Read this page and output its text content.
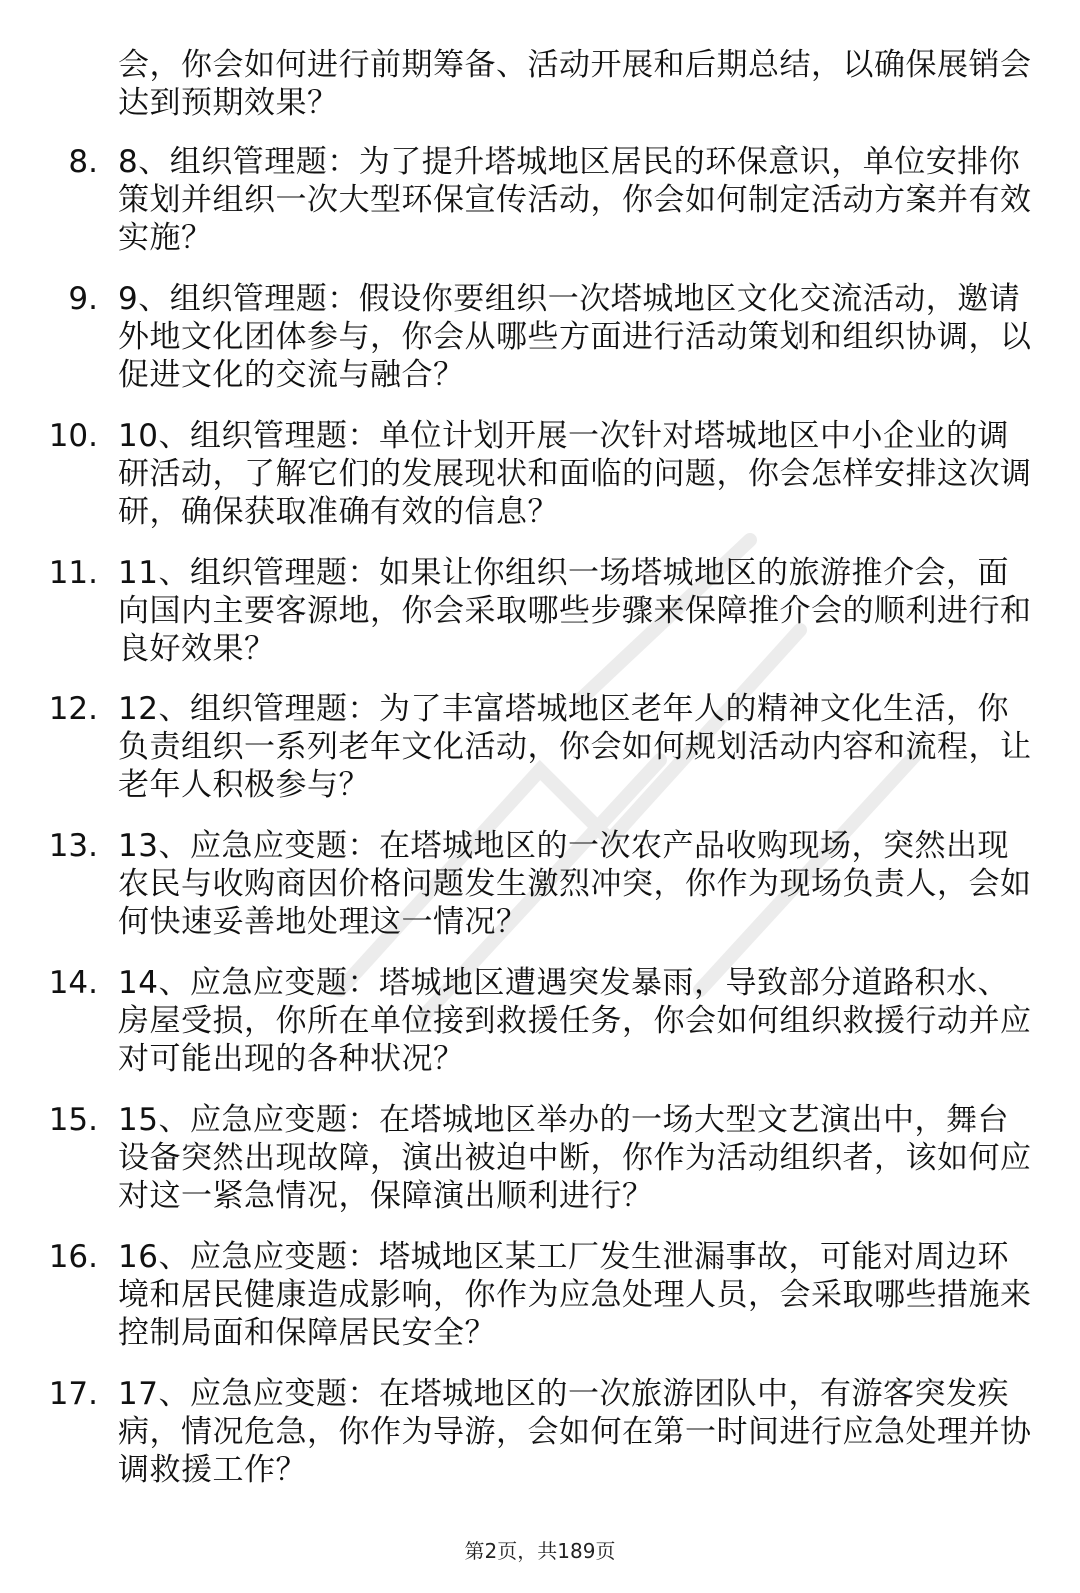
会，你会如何进行前期筹备、活动开展和后期总结，以确保展销会达到预期效果？
8. 8、组织管理题：为了提升塔城地区居民的环保意识，单位安排你策划并组织一次大型环保宣传活动，你会如何制定活动方案并有效实施？
9. 9、组织管理题：假设你要组织一次塔城地区文化交流活动，邀请外地文化团体参与，你会从哪些方面进行活动策划和组织协调，以促进文化的交流与融合？
10. 10、组织管理题：单位计划开展一次针对塔城地区中小企业的调研活动，了解它们的发展现状和面临的问题，你会怎样安排这次调研，确保获取准确有效的信息？
11. 11、组织管理题：如果让你组织一场塔城地区的旅游推介会，面向国内主要客源地，你会采取哪些步骤来保障推介会的顺利进行和良好效果？
12. 12、组织管理题：为了丰富塔城地区老年人的精神文化生活，你负责组织一系列老年文化活动，你会如何规划活动内容和流程，让老年人积极参与？
13. 13、应急应变题：在塔城地区的一次农产品收购现场，突然出现农民与收购商因价格问题发生激烈冲突，你作为现场负责人，会如何快速妥善地处理这一情况？
14. 14、应急应变题：塔城地区遭遇突发暴雨，导致部分道路积水、房屋受损，你所在单位接到救援任务，你会如何组织救援行动并应对可能出现的各种状况？
15. 15、应急应变题：在塔城地区举办的一场大型文艺演出中，舞台设备突然出现故障，演出被迫中断，你作为活动组织者，该如何应对这一紧急情况，保障演出顺利进行？
16. 16、应急应变题：塔城地区某工厂发生泄漏事故，可能对周边环境和居民健康造成影响，你作为应急处理人员，会采取哪些措施来控制局面和保障居民安全？
17. 17、应急应变题：在塔城地区的一次旅游团队中，有游客突发疾病，情况危急，你作为导游，会如何在第一时间进行应急处理并协调救援工作？
第2页，共189页
